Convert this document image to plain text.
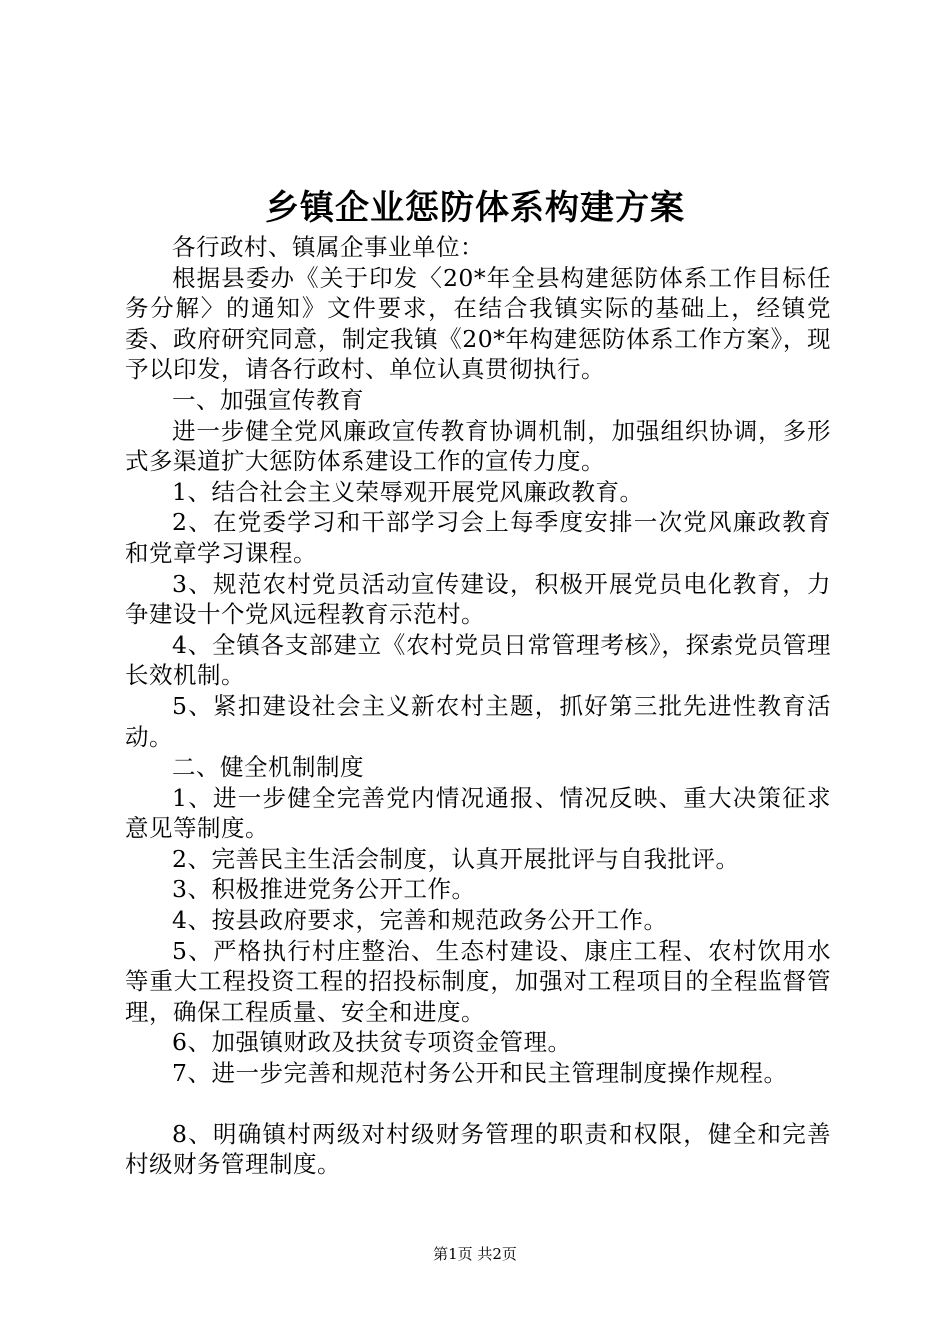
乡镇企业惩防体系构建方案

各行政村、镇属企事业单位：

根据县委办《关于印发〈20*年全县构建惩防体系工作目标任务分解〉的通知》文件要求，在结合我镇实际的基础上，经镇党委、政府研究同意，制定我镇《20*年构建惩防体系工作方案》，现予以印发，请各行政村、单位认真贯彻执行。

一、加强宣传教育

进一步健全党风廉政宣传教育协调机制，加强组织协调，多形式多渠道扩大惩防体系建设工作的宣传力度。

1、结合社会主义荣辱观开展党风廉政教育。

2、在党委学习和干部学习会上每季度安排一次党风廉政教育和党章学习课程。

3、规范农村党员活动宣传建设，积极开展党员电化教育，力争建设十个党风远程教育示范村。

4、全镇各支部建立《农村党员日常管理考核》，探索党员管理长效机制。

5、紧扣建设社会主义新农村主题，抓好第三批先进性教育活动。

二、健全机制制度

1、进一步健全完善党内情况通报、情况反映、重大决策征求意见等制度。

2、完善民主生活会制度，认真开展批评与自我批评。

3、积极推进党务公开工作。

4、按县政府要求，完善和规范政务公开工作。

5、严格执行村庄整治、生态村建设、康庄工程、农村饮用水等重大工程投资工程的招投标制度，加强对工程项目的全程监督管理，确保工程质量、安全和进度。

6、加强镇财政及扶贫专项资金管理。

7、进一步完善和规范村务公开和民主管理制度操作规程。

8、明确镇村两级对村级财务管理的职责和权限，健全和完善村级财务管理制度。

第1页 共2页
